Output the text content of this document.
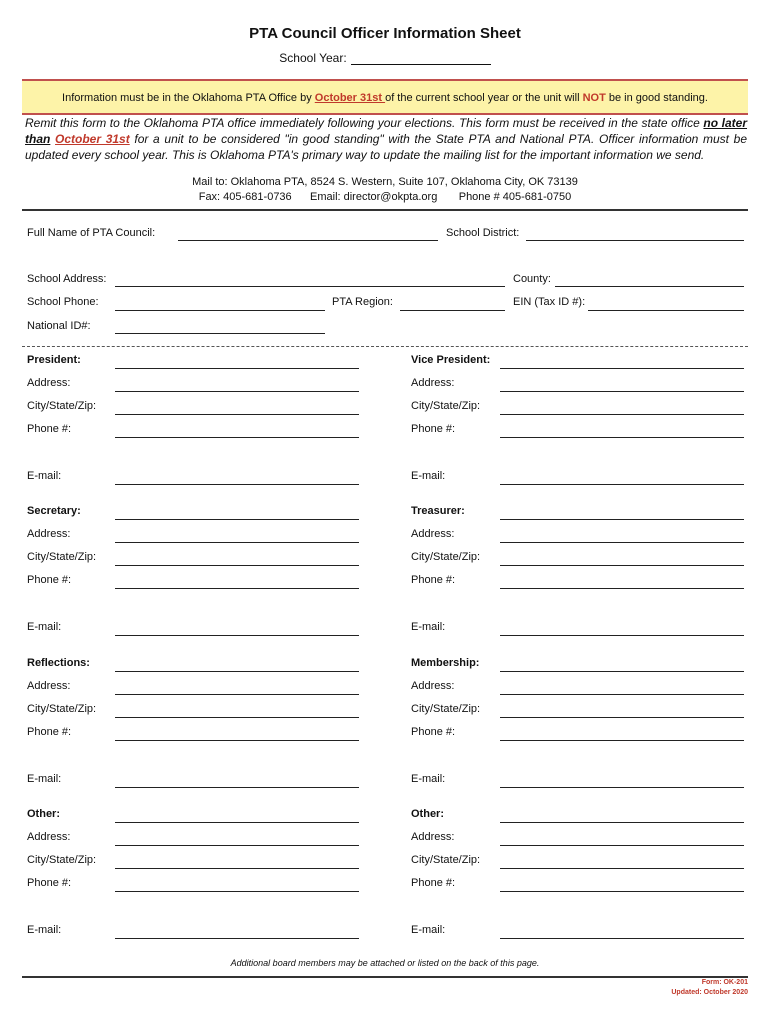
PTA Council Officer Information Sheet
School Year:
Information must be in the Oklahoma PTA Office by October 31st of the current school year or the unit will NOT be in good standing.
Remit this form to the Oklahoma PTA office immediately following your elections. This form must be received in the state office no later than October 31st for a unit to be considered "in good standing" with the State PTA and National PTA. Officer information must be updated every school year. This is Oklahoma PTA's primary way to update the mailing list for the important information we send.
Mail to: Oklahoma PTA, 8524 S. Western, Suite 107, Oklahoma City, OK 73139
Fax: 405-681-0736      Email: director@okpta.org       Phone # 405-681-0750
Full Name of PTA Council:	School District:
School Address:	County:
School Phone:	PTA Region:	EIN (Tax ID #):
National ID#:
President:
Address:
City/State/Zip:
Phone #:
E-mail:
Vice President:
Address:
City/State/Zip:
Phone #:
E-mail:
Secretary:
Address:
City/State/Zip:
Phone #:
E-mail:
Treasurer:
Address:
City/State/Zip:
Phone #:
E-mail:
Reflections:
Address:
City/State/Zip:
Phone #:
E-mail:
Membership:
Address:
City/State/Zip:
Phone #:
E-mail:
Other:
Address:
City/State/Zip:
Phone #:
E-mail:
Other:
Address:
City/State/Zip:
Phone #:
E-mail:
Additional board members may be attached or listed on the back of this page.
Form: OK-201
Updated: October 2020
